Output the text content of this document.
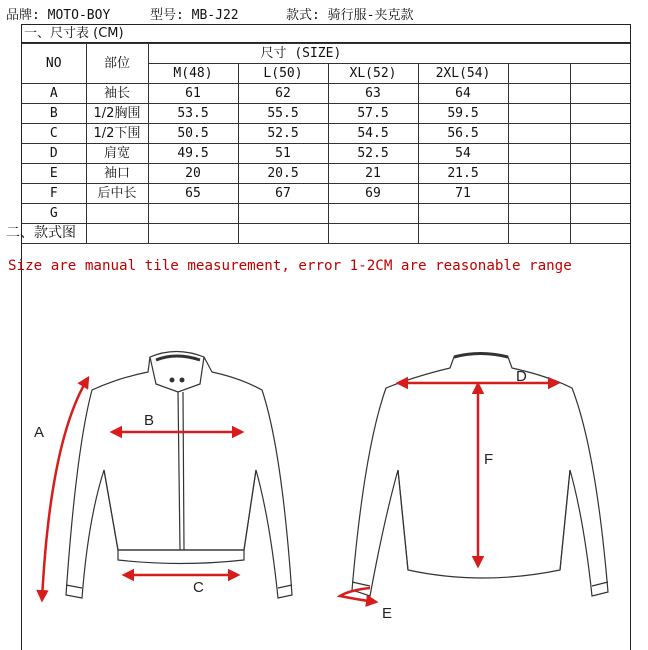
品牌: MOTO-BOY	型号: MB-J22	款式: 骑行服-夹克款
一、尺寸表 (CM)
NO	部位	尺寸 (SIZE)					
		M(48)	L(50)	XL(52)	2XL(54)		
A	袖长	61	62	63	64		
B	1/2胸围	53.5	55.5	57.5	59.5		
C	1/2下围	50.5	52.5	54.5	56.5		
D	肩宽	49.5	51	52.5	54		
E	袖口	20	20.5	21	21.5		
F	后中长	65	67	69	71		
G							

二、款式图
Size are manual tile measurement, error 1-2CM are reasonable range
A
B
C
D
E
F
